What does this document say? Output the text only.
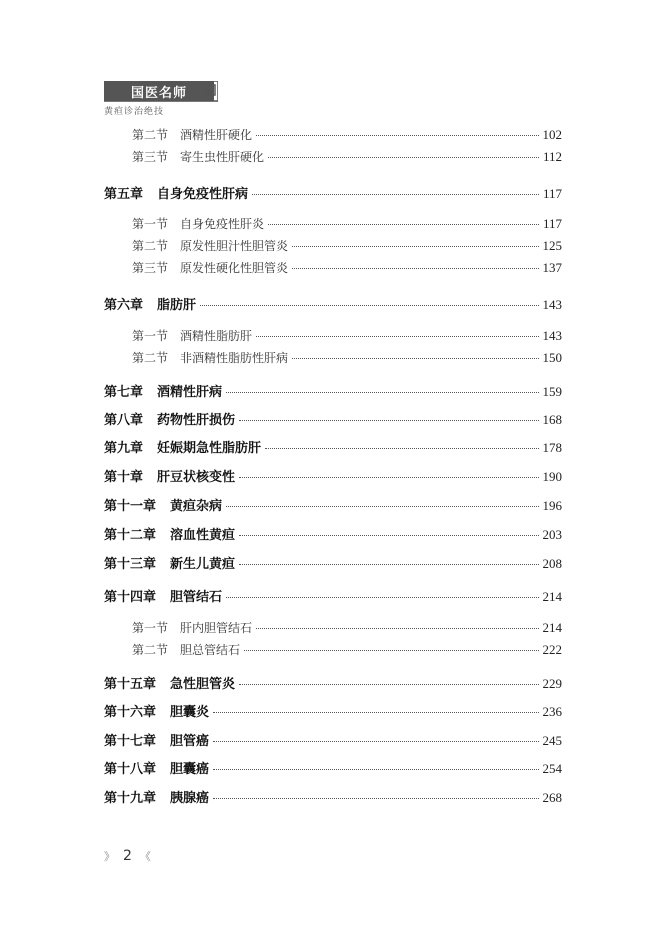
国医名师
黄疸诊治绝技
第二节 酒精性肝硬化	102
第三节 寄生虫性肝硬化	112
第五章 自身免疫性肝病	117
第一节 自身免疫性肝炎	117
第二节 原发性胆汁性胆管炎	125
第三节 原发性硬化性胆管炎	137
第六章 脂肪肝	143
第一节 酒精性脂肪肝	143
第二节 非酒精性脂肪性肝病	150
第七章 酒精性肝病	159
第八章 药物性肝损伤	168
第九章 妊娠期急性脂肪肝	178
第十章 肝豆状核变性	190
第十一章 黄疸杂病	196
第十二章 溶血性黄疸	203
第十三章 新生儿黄疸	208
第十四章 胆管结石	214
第一节 肝内胆管结石	214
第二节 胆总管结石	222
第十五章 急性胆管炎	229
第十六章 胆囊炎	236
第十七章 胆管癌	245
第十八章 胆囊癌	254
第十九章 胰腺癌	268
》 2 《
